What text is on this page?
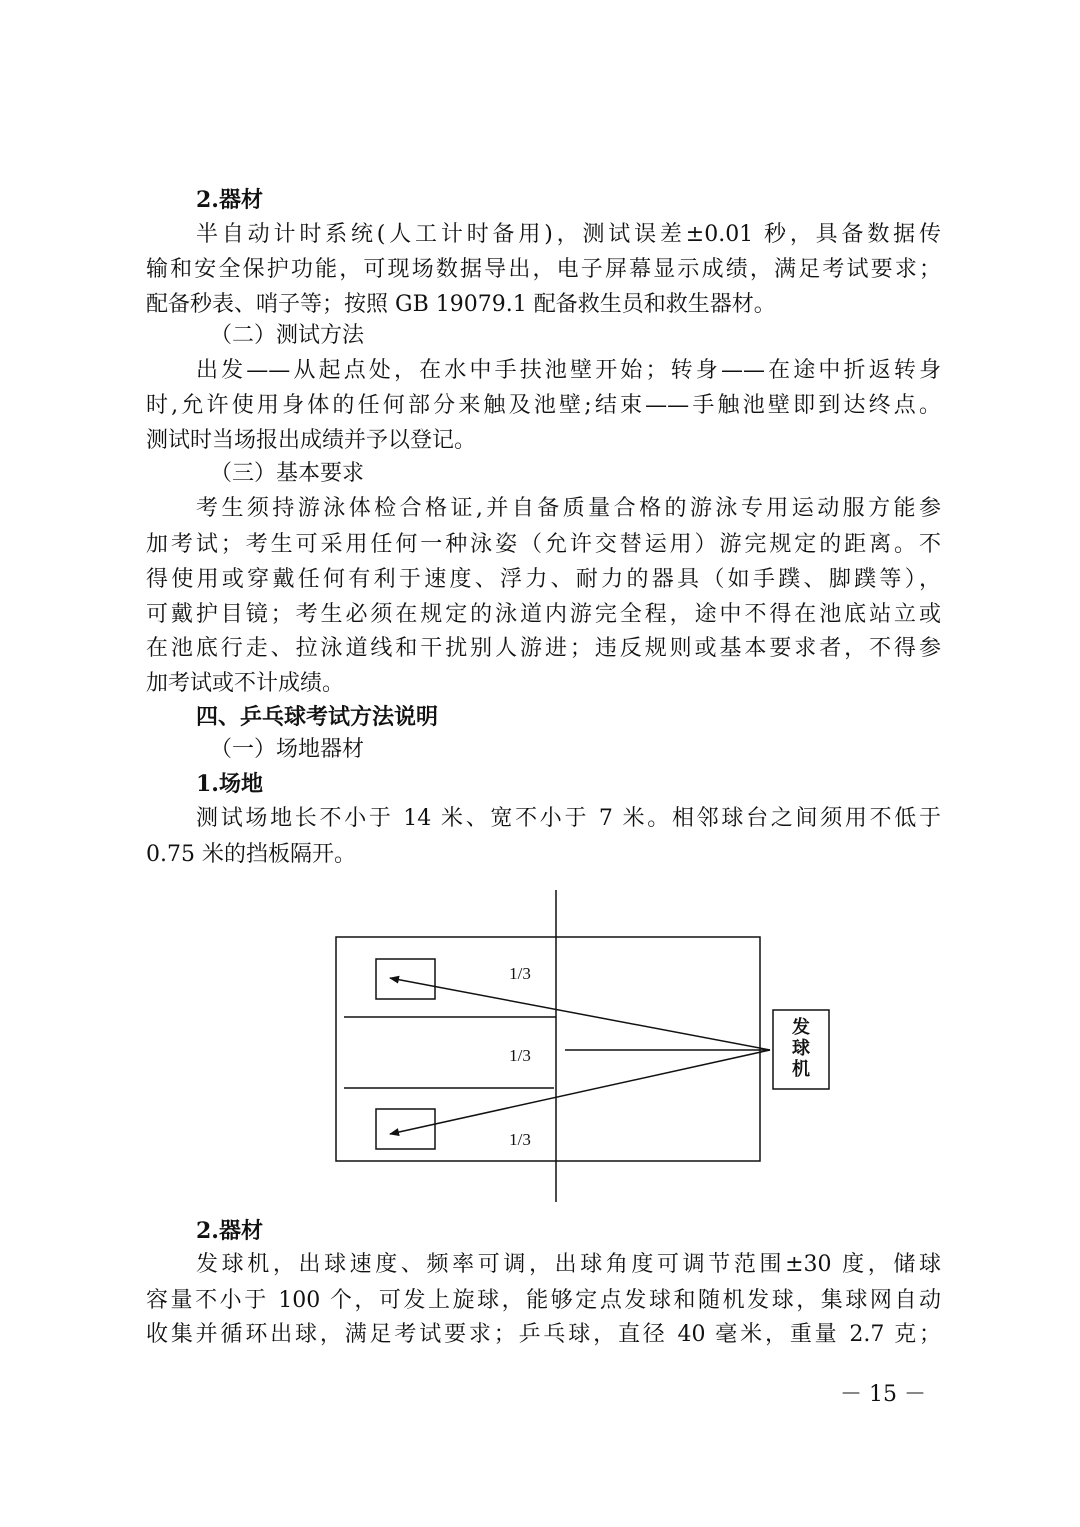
2.器材
半自动计时系统(人工计时备用)，测试误差±0.01 秒，具备数据传
输和安全保护功能，可现场数据导出，电子屏幕显示成绩，满足考试要求；
配备秒表、哨子等；按照 GB 19079.1 配备救生员和救生器材。
（二）测试方法
出发——从起点处，在水中手扶池壁开始；转身——在途中折返转身
时,允许使用身体的任何部分来触及池壁;结束——手触池壁即到达终点。
测试时当场报出成绩并予以登记。
（三）基本要求
考生须持游泳体检合格证,并自备质量合格的游泳专用运动服方能参
加考试；考生可采用任何一种泳姿（允许交替运用）游完规定的距离。不
得使用或穿戴任何有利于速度、浮力、耐力的器具（如手蹼、脚蹼等），
可戴护目镜；考生必须在规定的泳道内游完全程，途中不得在池底站立或
在池底行走、拉泳道线和干扰别人游进；违反规则或基本要求者，不得参
加考试或不计成绩。
四、乒乓球考试方法说明
（一）场地器材
1.场地
测试场地长不小于 14 米、宽不小于 7 米。相邻球台之间须用不低于
0.75 米的挡板隔开。
1/3
1/3
1/3
发
球
机
2.器材
发球机，出球速度、频率可调，出球角度可调节范围±30 度，储球
容量不小于 100 个，可发上旋球，能够定点发球和随机发球，集球网自动
收集并循环出球，满足考试要求；乒乓球，直径 40 毫米，重量 2.7 克；
－ 15 －
